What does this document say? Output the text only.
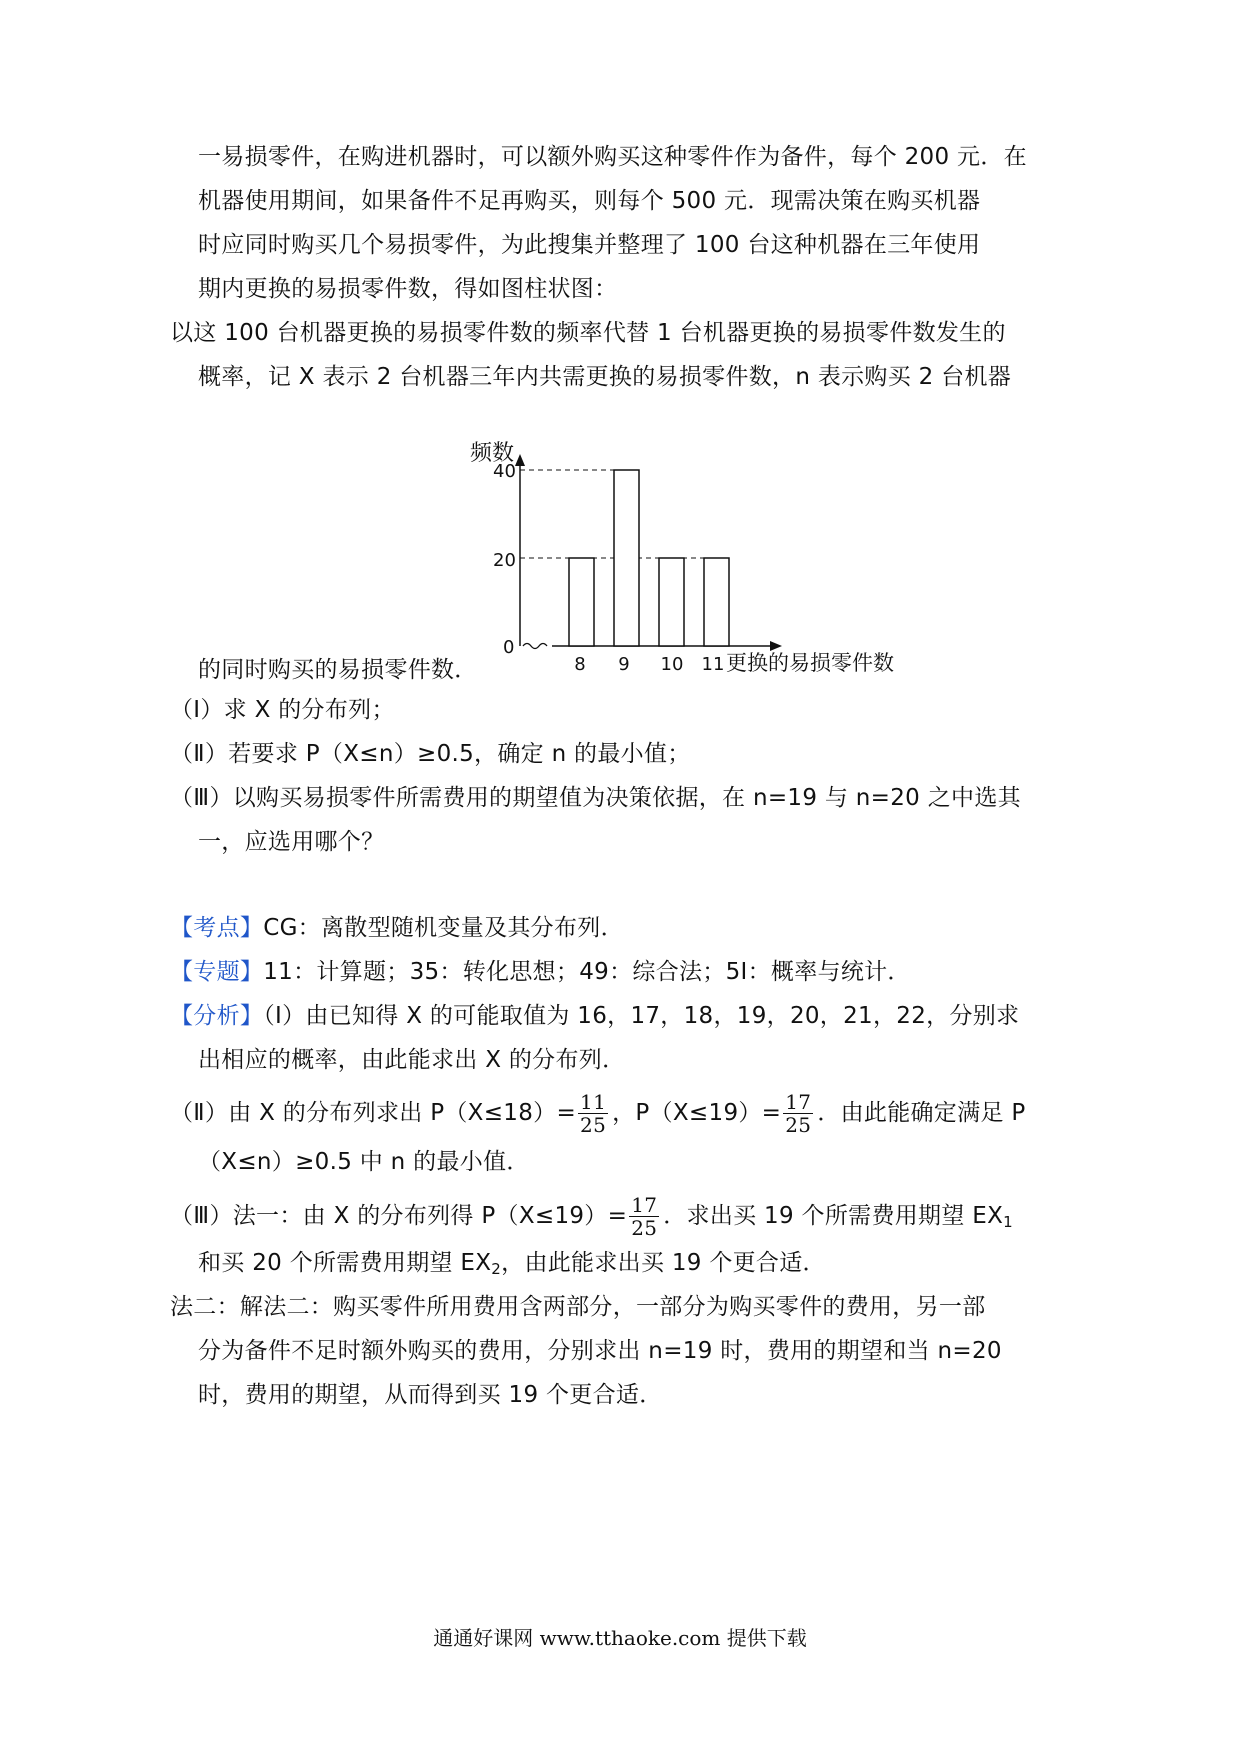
一易损零件，在购进机器时，可以额外购买这种零件作为备件，每个 200 元．在
机器使用期间，如果备件不足再购买，则每个 500 元．现需决策在购买机器
时应同时购买几个易损零件，为此搜集并整理了 100 台这种机器在三年使用
期内更换的易损零件数，得如图柱状图：
以这 100 台机器更换的易损零件数的频率代替 1 台机器更换的易损零件数发生的
概率，记 X 表示 2 台机器三年内共需更换的易损零件数，n 表示购买 2 台机器
频数
0
20
40
8 9 10 11 更换的易损零件数
的同时购买的易损零件数．
（Ⅰ）求 X 的分布列；
（Ⅱ）若要求 P（X≤n）≥0.5，确定 n 的最小值；
（Ⅲ）以购买易损零件所需费用的期望值为决策依据，在 n=19 与 n=20 之中选其
一，应选用哪个？
【考点】CG：离散型随机变量及其分布列．
【专题】11：计算题；35：转化思想；49：综合法；5I：概率与统计．
【分析】（Ⅰ）由已知得 X 的可能取值为 16，17，18，19，20，21，22，分别求
出相应的概率，由此能求出 X 的分布列．
（Ⅱ）由 X 的分布列求出 $P(X\le 18)= \frac{11}{25}$ ，$P(X\le 19)= \frac{17}{25}$ ．由此能确定满足 P
（X≤n）≥0.5 中 n 的最小值．
（Ⅲ）法一：由 X 的分布列得 $P(X\le 19)= \frac{17}{25}$ ．求出买 19 个所需费用期望 $EX_1$
和买 20 个所需费用期望 $EX_2$，由此能求出买 19 个更合适．
法二：解法二：购买零件所用费用含两部分，一部分为购买零件的费用，另一部
分为备件不足时额外购买的费用，分别求出 n=19 时，费用的期望和当 n=20
时，费用的期望，从而得到买 19 个更合适．
通通好课网 www.tthaoke.com 提供下载
